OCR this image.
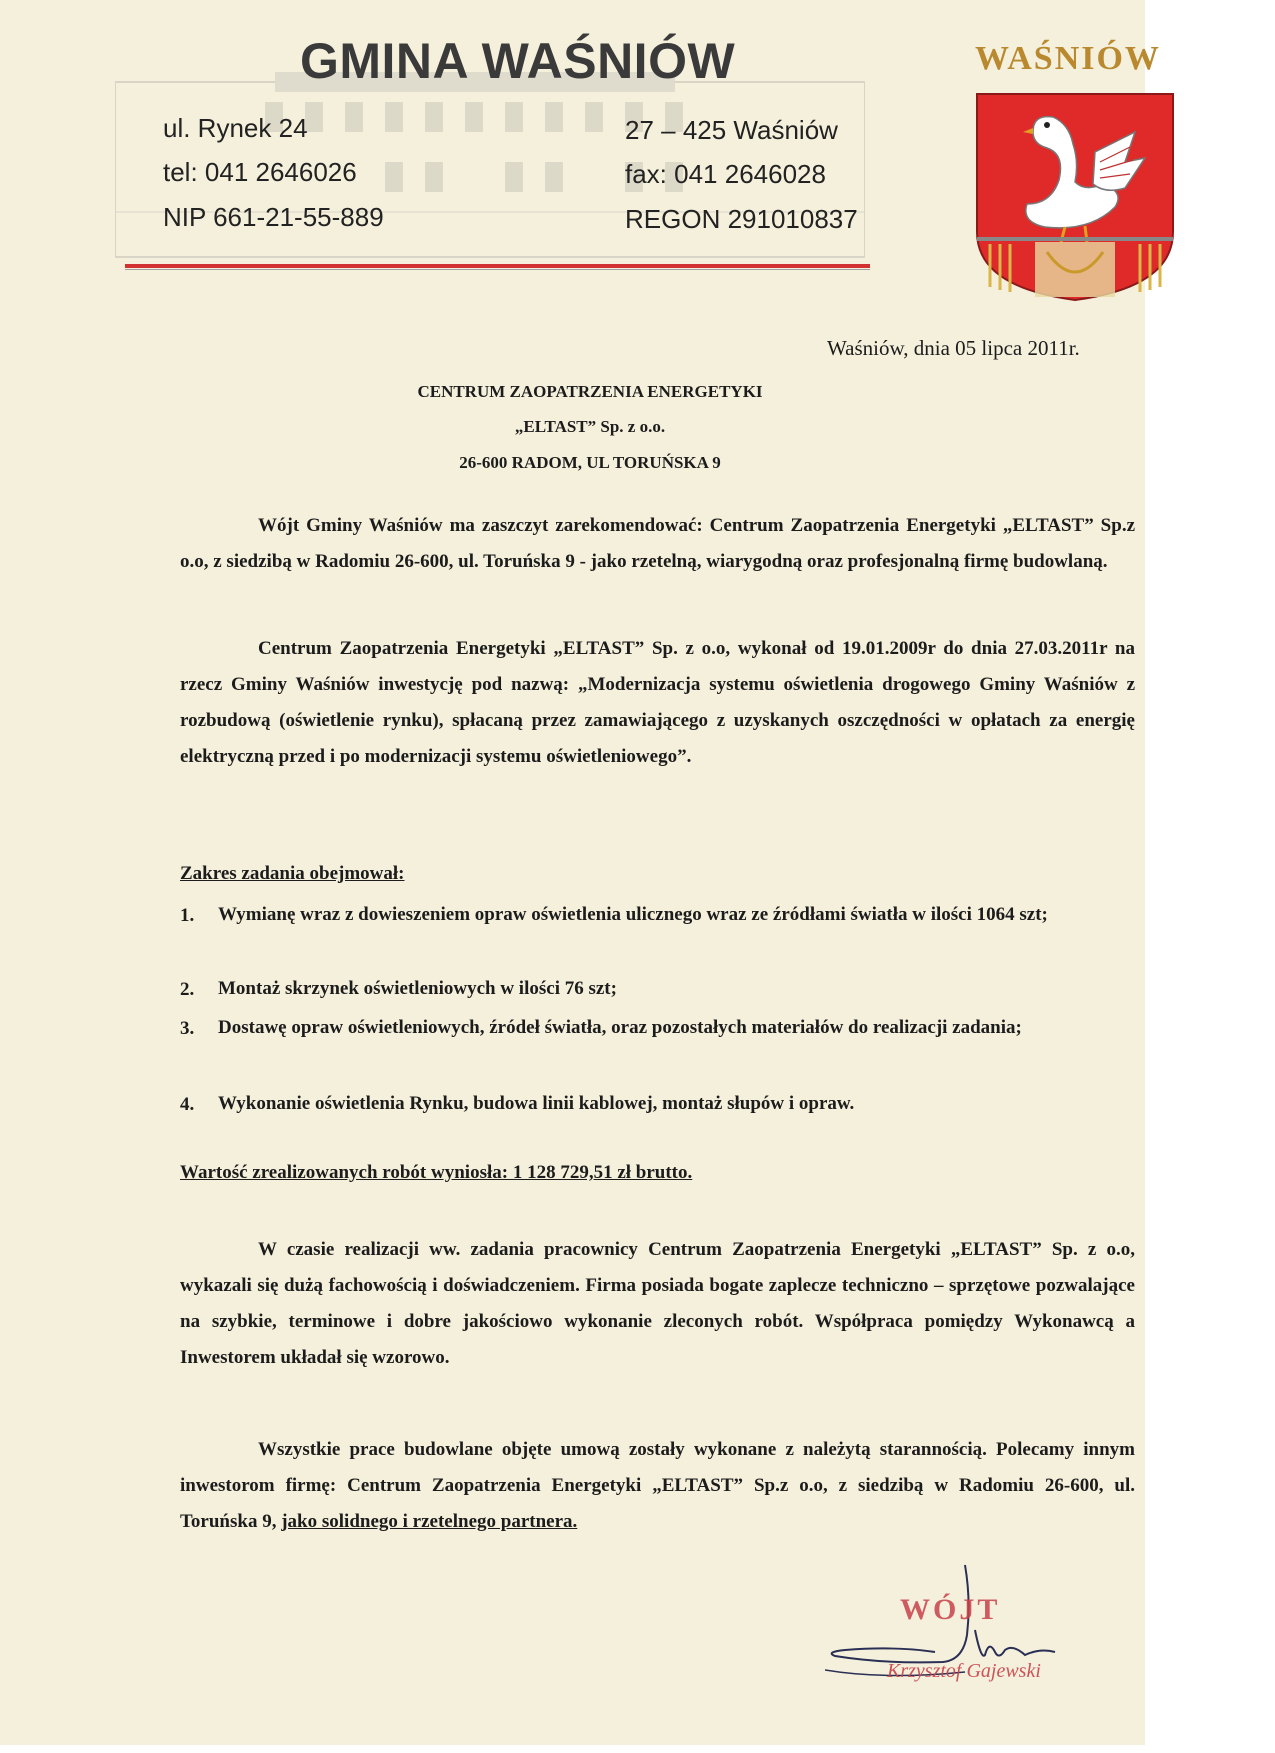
GMINA WAŚNIÓW
ul. Rynek 24	27 – 425 Waśniów
tel: 041 2646026	fax: 041 2646028
NIP 661-21-55-889	REGON 291010837
WAŚNIÓW
Waśniów, dnia 05 lipca 2011r.
CENTRUM ZAOPATRZENIA ENERGETYKI
„ELTAST” Sp. z o.o.
26-600 RADOM, UL TORUŃSKA 9
Wójt Gminy Waśniów ma zaszczyt zarekomendować: Centrum Zaopatrzenia Energetyki „ELTAST” Sp.z o.o, z siedzibą w Radomiu 26-600, ul. Toruńska 9 - jako rzetelną, wiarygodną oraz profesjonalną firmę budowlaną.
Centrum Zaopatrzenia Energetyki „ELTAST” Sp. z o.o, wykonał od 19.01.2009r do dnia 27.03.2011r na rzecz Gminy Waśniów inwestycję pod nazwą: „Modernizacja systemu oświetlenia drogowego Gminy Waśniów z rozbudową (oświetlenie rynku), spłacaną przez zamawiającego z uzyskanych oszczędności w opłatach za energię elektryczną przed i po modernizacji systemu oświetleniowego”.
Zakres zadania obejmował:
1. Wymianę wraz z dowieszeniem opraw oświetlenia ulicznego wraz ze źródłami światła w ilości 1064 szt;
2. Montaż skrzynek oświetleniowych w ilości 76 szt;
3. Dostawę opraw oświetleniowych, źródeł światła, oraz pozostałych materiałów do realizacji zadania;
4. Wykonanie oświetlenia Rynku, budowa linii kablowej, montaż słupów i opraw.
Wartość zrealizowanych robót wyniosła: 1 128 729,51 zł brutto.
W czasie realizacji ww. zadania pracownicy Centrum Zaopatrzenia Energetyki „ELTAST” Sp. z o.o, wykazali się dużą fachowością i doświadczeniem. Firma posiada bogate zaplecze techniczno – sprzętowe pozwalające na szybkie, terminowe i dobre jakościowo wykonanie zleconych robót. Współpraca pomiędzy Wykonawcą a Inwestorem układał się wzorowo.
Wszystkie prace budowlane objęte umową zostały wykonane z należytą starannością. Polecamy innym inwestorom firmę: Centrum Zaopatrzenia Energetyki „ELTAST” Sp.z o.o, z siedzibą w Radomiu 26-600, ul. Toruńska 9, jako solidnego i rzetelnego partnera.
WÓJT
Krzysztof Gajewski
